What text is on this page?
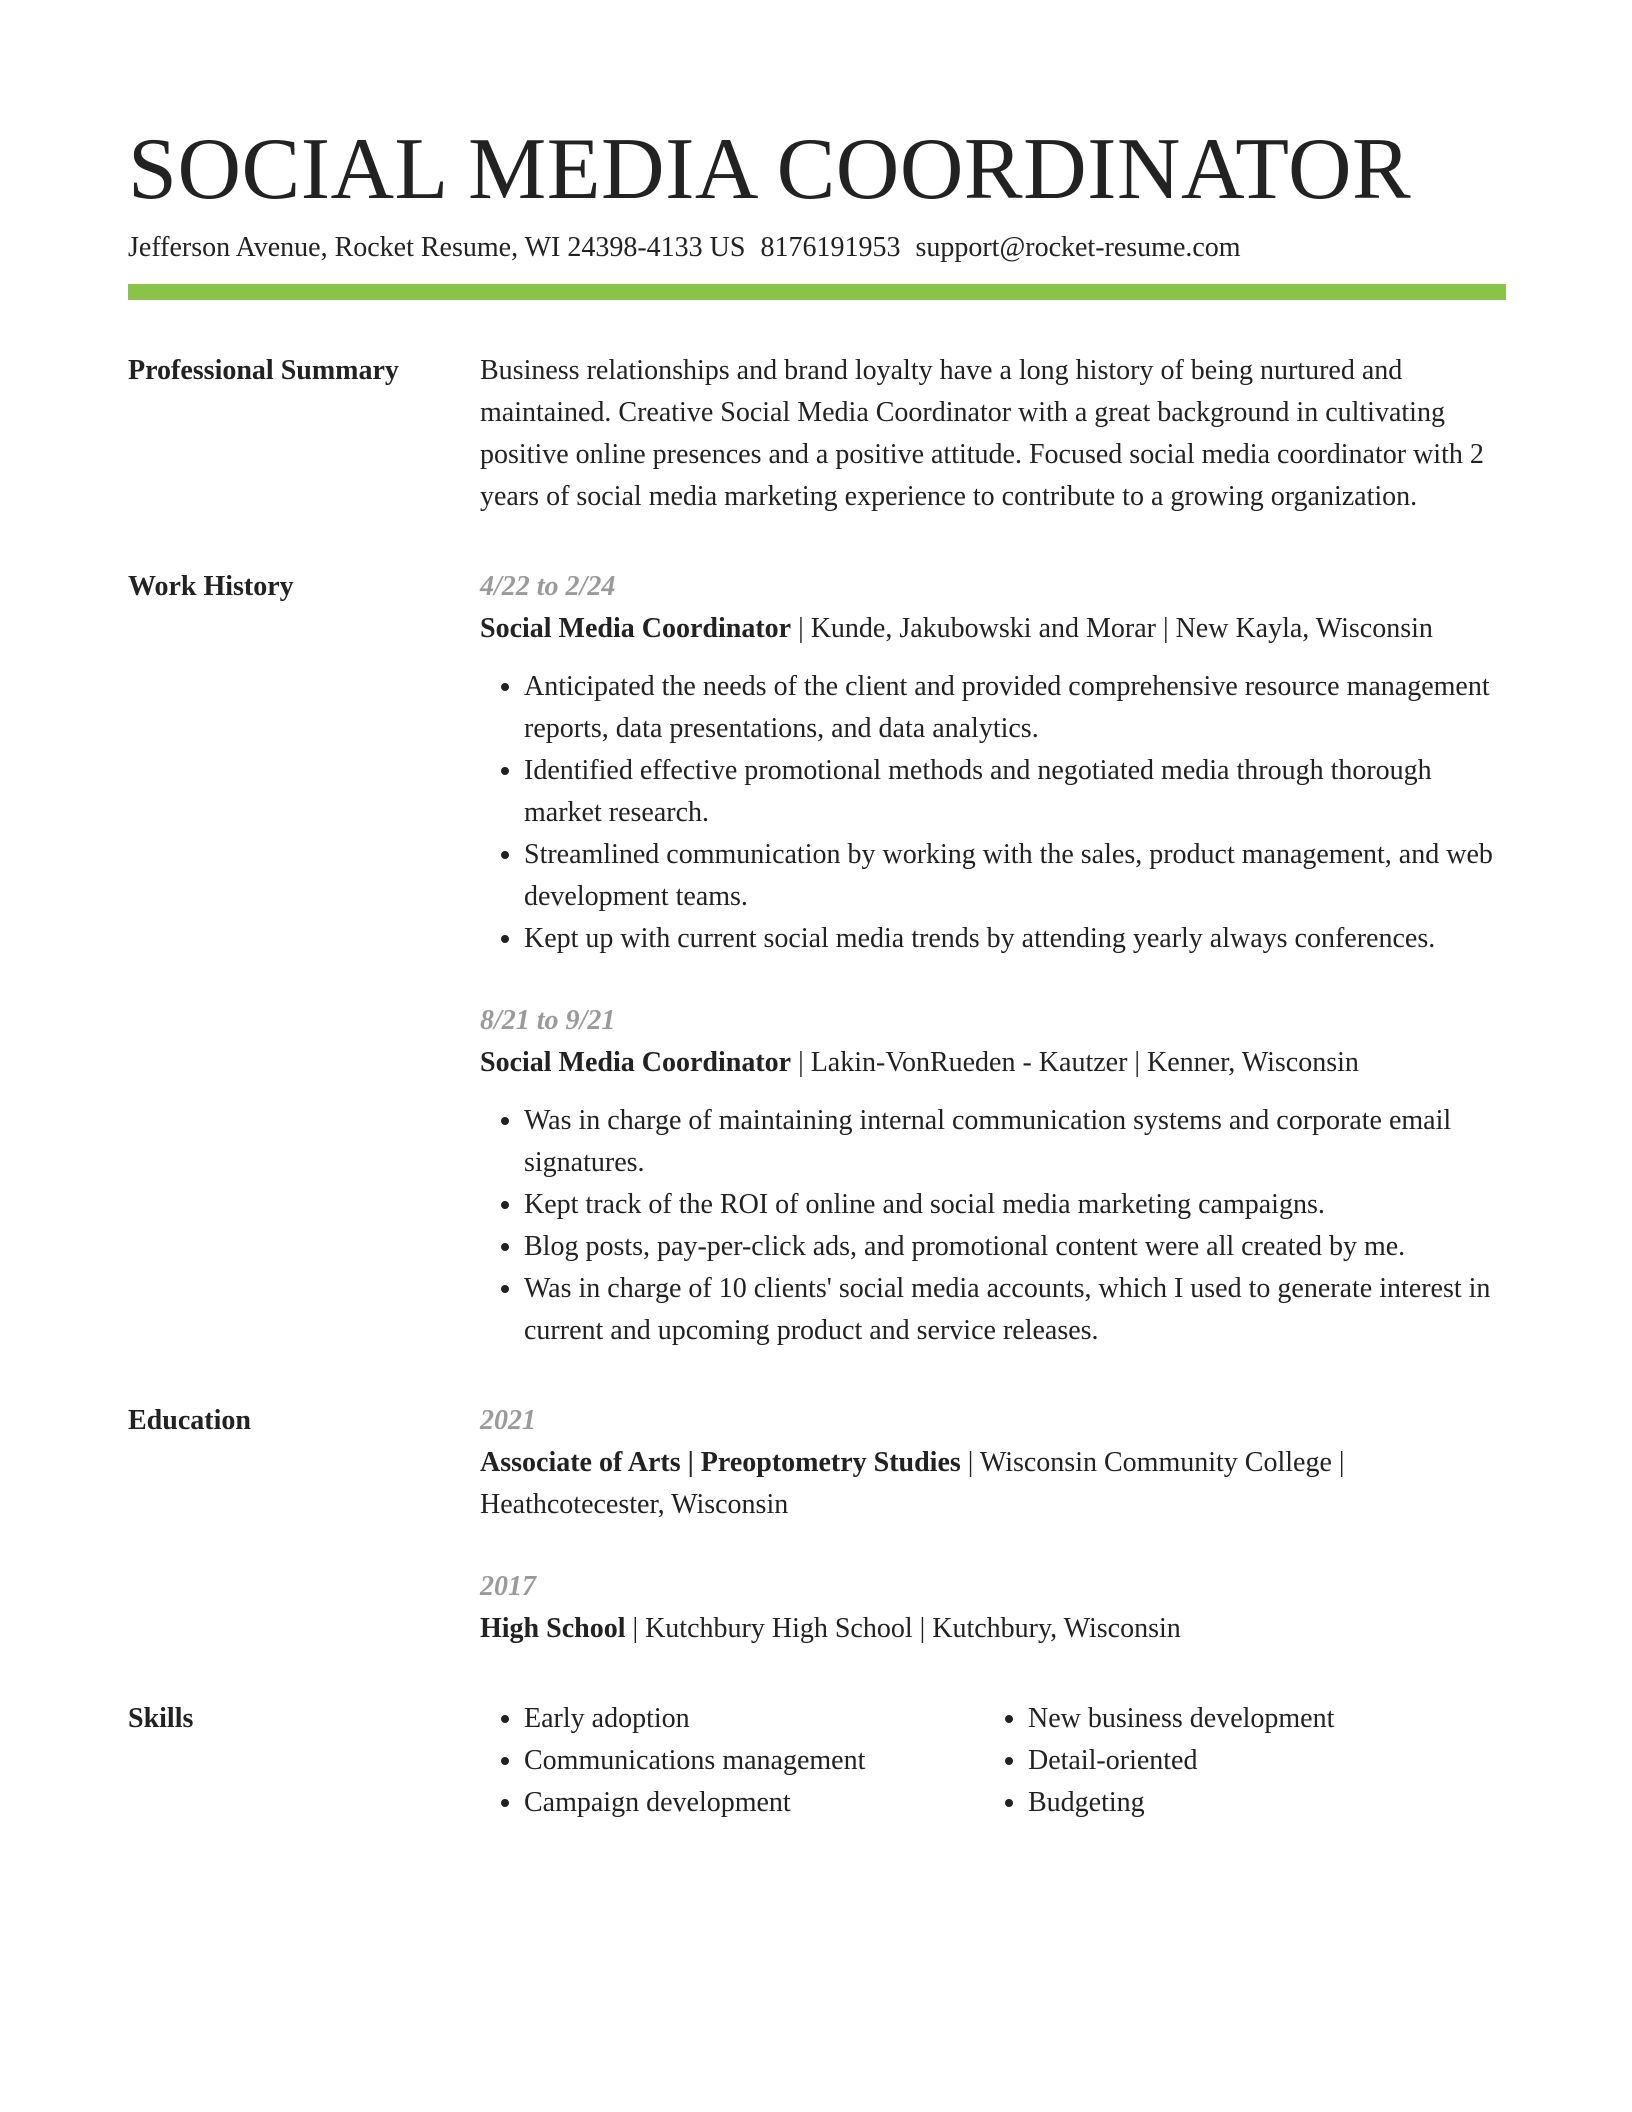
SOCIAL MEDIA COORDINATOR
Jefferson Avenue, Rocket Resume, WI 24398-4133 US 8176191953 support@rocket-resume.com
Professional Summary	Business relationships and brand loyalty have a long history of being nurtured and maintained. Creative Social Media Coordinator with a great background in cultivating positive online presences and a positive attitude. Focused social media coordinator with 2 years of social media marketing experience to contribute to a growing organization.

Work History	4/22 to 2/24
Social Media Coordinator | Kunde, Jakubowski and Morar | New Kayla, Wisconsin
• Anticipated the needs of the client and provided comprehensive resource management reports, data presentations, and data analytics.
• Identified effective promotional methods and negotiated media through thorough market research.
• Streamlined communication by working with the sales, product management, and web development teams.
• Kept up with current social media trends by attending yearly always conferences.
8/21 to 9/21
Social Media Coordinator | Lakin-VonRueden - Kautzer | Kenner, Wisconsin
• Was in charge of maintaining internal communication systems and corporate email signatures.
• Kept track of the ROI of online and social media marketing campaigns.
• Blog posts, pay-per-click ads, and promotional content were all created by me.
• Was in charge of 10 clients' social media accounts, which I used to generate interest in current and upcoming product and service releases.
Education	2021
Associate of Arts | Preoptometry Studies | Wisconsin Community College | Heathcotecester, Wisconsin
2017
High School | Kutchbury High School | Kutchbury, Wisconsin
Skills
•	Early adoption
• Communications management
• Campaign development
• New business development
• Detail-oriented
• Budgeting
